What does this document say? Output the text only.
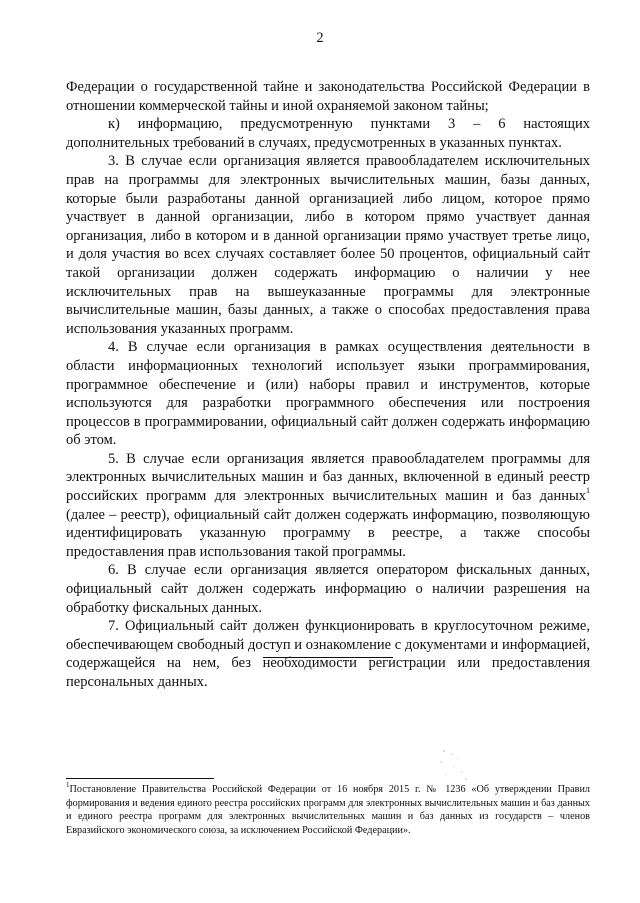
2

Федерации о государственной тайне и законодательства Российской Федерации в отношении коммерческой тайны и иной охраняемой законом тайны;

к) информацию, предусмотренную пунктами 3 – 6 настоящих дополнительных требований в случаях, предусмотренных в указанных пунктах.

3. В случае если организация является правообладателем исключительных прав на программы для электронных вычислительных машин, базы данных, которые были разработаны данной организацией либо лицом, которое прямо участвует в данной организации, либо в котором прямо участвует данная организация, либо в котором и в данной организации прямо участвует третье лицо, и доля участия во всех случаях составляет более 50 процентов, официальный сайт такой организации должен содержать информацию о наличии у нее исключительных прав на вышеуказанные программы для электронные вычислительные машин, базы данных, а также о способах предоставления права использования указанных программ.

4. В случае если организация в рамках осуществления деятельности в области информационных технологий использует языки программирования, программное обеспечение и (или) наборы правил и инструментов, которые используются для разработки программного обеспечения или построения процессов в программировании, официальный сайт должен содержать информацию об этом.

5. В случае если организация является правообладателем программы для электронных вычислительных машин и баз данных, включенной в единый реестр российских программ для электронных вычислительных машин и баз данных$^1$ (далее – реестр), официальный сайт должен содержать информацию, позволяющую идентифицировать указанную программу в реестре, а также способы предоставления прав использования такой программы.

6. В случае если организация является оператором фискальных данных, официальный сайт должен содержать информацию о наличии разрешения на обработку фискальных данных.

7. Официальный сайт должен функционировать в круглосуточном режиме, обеспечивающем свободный доступ и ознакомление с документами и информацией, содержащейся на нем, без необходимости регистрации или предоставления персональных данных.

$^1$Постановление Правительства Российской Федерации от 16 ноября 2015 г. № 1236 «Об утверждении Правил формирования и ведения единого реестра российских программ для электронных вычислительных машин и баз данных и единого реестра программ для электронных вычислительных машин и баз данных из государств – членов Евразийского экономического союза, за исключением Российской Федерации».
